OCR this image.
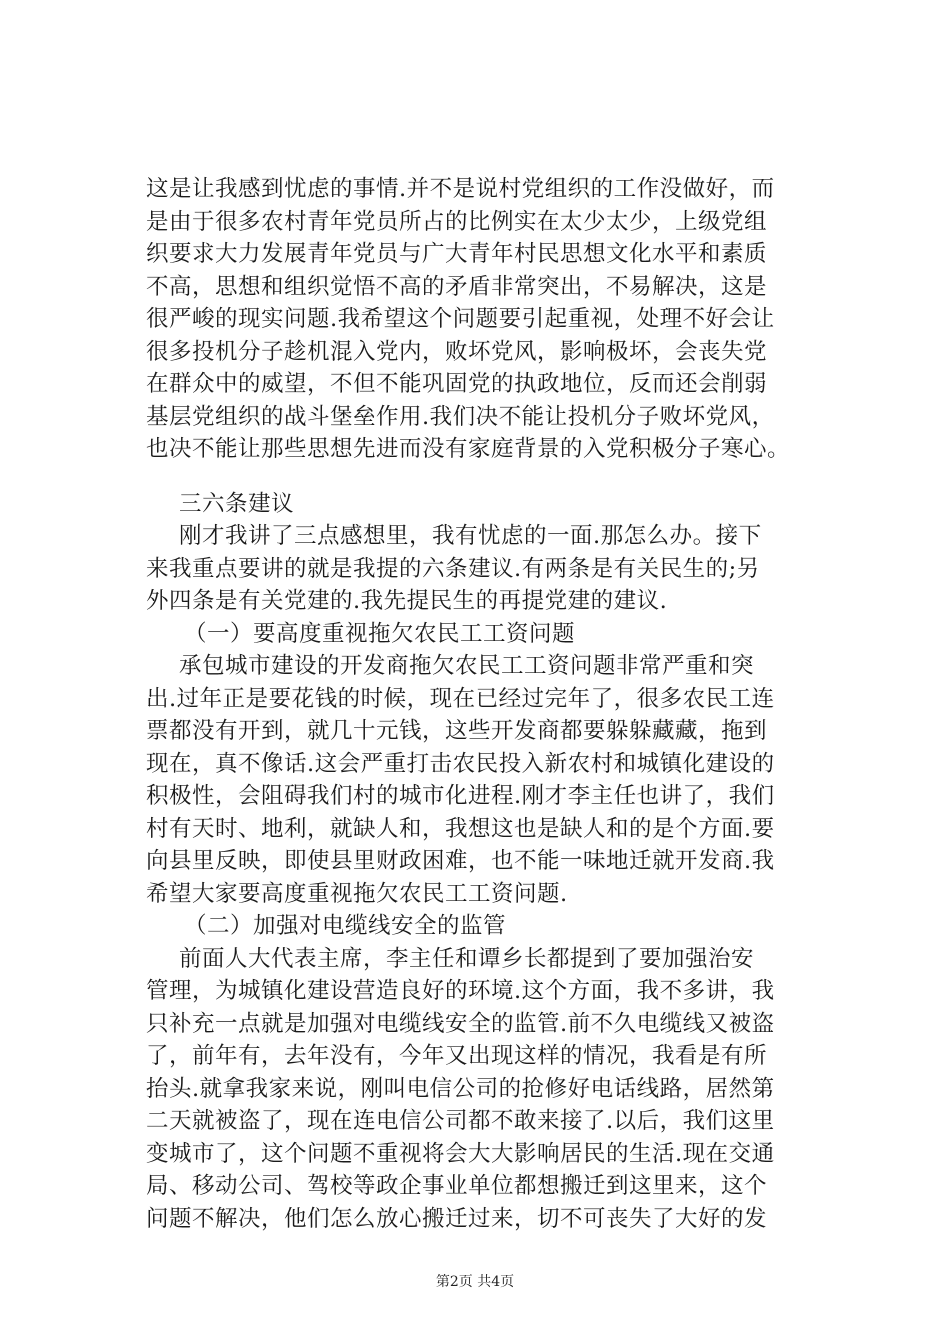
这是让我感到忧虑的事情.并不是说村党组织的工作没做好，而
是由于很多农村青年党员所占的比例实在太少太少，上级党组
织要求大力发展青年党员与广大青年村民思想文化水平和素质
不高，思想和组织觉悟不高的矛盾非常突出，不易解决，这是
很严峻的现实问题.我希望这个问题要引起重视，处理不好会让
很多投机分子趁机混入党内，败坏党风，影响极坏，会丧失党
在群众中的威望，不但不能巩固党的执政地位，反而还会削弱
基层党组织的战斗堡垒作用.我们决不能让投机分子败坏党风，
也决不能让那些思想先进而没有家庭背景的入党积极分子寒心。
三六条建议
刚才我讲了三点感想里，我有忧虑的一面.那怎么办。接下
来我重点要讲的就是我提的六条建议.有两条是有关民生的;另
外四条是有关党建的.我先提民生的再提党建的建议.
（一）要高度重视拖欠农民工工资问题
承包城市建设的开发商拖欠农民工工资问题非常严重和突
出.过年正是要花钱的时候，现在已经过完年了，很多农民工连
票都没有开到，就几十元钱，这些开发商都要躲躲藏藏，拖到
现在，真不像话.这会严重打击农民投入新农村和城镇化建设的
积极性，会阻碍我们村的城市化进程.刚才李主任也讲了，我们
村有天时、地利，就缺人和，我想这也是缺人和的是个方面.要
向县里反映，即使县里财政困难，也不能一味地迁就开发商.我
希望大家要高度重视拖欠农民工工资问题.
（二）加强对电缆线安全的监管
前面人大代表主席，李主任和谭乡长都提到了要加强治安
管理，为城镇化建设营造良好的环境.这个方面，我不多讲，我
只补充一点就是加强对电缆线安全的监管.前不久电缆线又被盗
了，前年有，去年没有，今年又出现这样的情况，我看是有所
抬头.就拿我家来说，刚叫电信公司的抢修好电话线路，居然第
二天就被盗了，现在连电信公司都不敢来接了.以后，我们这里
变城市了，这个问题不重视将会大大影响居民的生活.现在交通
局、移动公司、驾校等政企事业单位都想搬迁到这里来，这个
问题不解决，他们怎么放心搬迁过来，切不可丧失了大好的发
第2页 共4页
